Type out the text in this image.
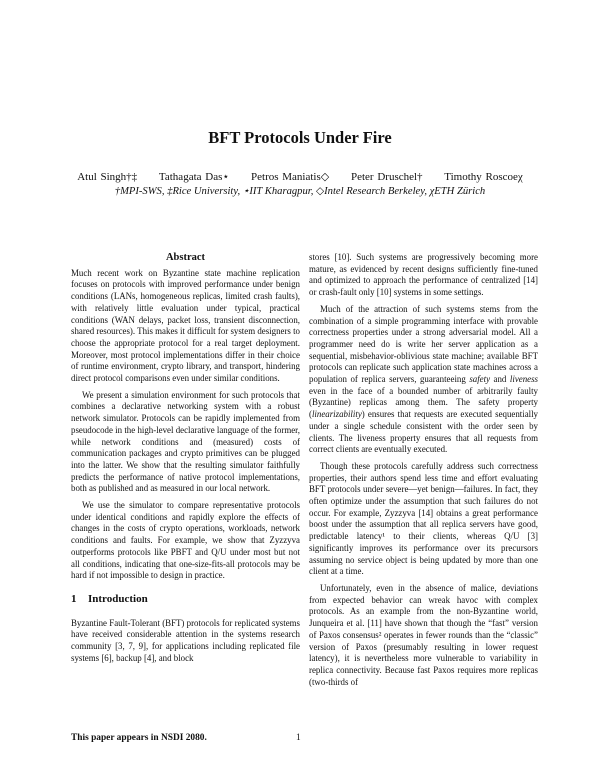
BFT Protocols Under Fire
Atul Singh†‡ Tathagata Das⋆ Petros Maniatis◇ Peter Druschel† Timothy Roscoeχ
†MPI-SWS, ‡Rice University, ⋆IIT Kharagpur, ◇Intel Research Berkeley, χETH Zürich
Abstract

Much recent work on Byzantine state machine replication focuses on protocols with improved performance under benign conditions (LANs, homogeneous replicas, limited crash faults), with relatively little evaluation under typical, practical conditions (WAN delays, packet loss, transient disconnection, shared resources). This makes it difficult for system designers to choose the appropriate protocol for a real target deployment. Moreover, most protocol implementations differ in their choice of runtime environment, crypto library, and transport, hindering direct protocol comparisons even under similar conditions.

We present a simulation environment for such protocols that combines a declarative networking system with a robust network simulator. Protocols can be rapidly implemented from pseudocode in the high-level declarative language of the former, while network conditions and (measured) costs of communication packages and crypto primitives can be plugged into the latter. We show that the resulting simulator faithfully predicts the performance of native protocol implementations, both as published and as measured in our local network.

We use the simulator to compare representative protocols under identical conditions and rapidly explore the effects of changes in the costs of crypto operations, workloads, network conditions and faults. For example, we show that Zyzzyva outperforms protocols like PBFT and Q/U under most but not all conditions, indicating that one-size-fits-all protocols may be hard if not impossible to design in practice.

1 Introduction

Byzantine Fault-Tolerant (BFT) protocols for replicated systems have received considerable attention in the systems research community [3, 7, 9], for applications including replicated file systems [6], backup [4], and block

stores [10]. Such systems are progressively becoming more mature, as evidenced by recent designs sufficiently fine-tuned and optimized to approach the performance of centralized [14] or crash-fault only [10] systems in some settings.

Much of the attraction of such systems stems from the combination of a simple programming interface with provable correctness properties under a strong adversarial model. All a programmer need do is write her server application as a sequential, misbehavior-oblivious state machine; available BFT protocols can replicate such application state machines across a population of replica servers, guaranteeing safety and liveness even in the face of a bounded number of arbitrarily faulty (Byzantine) replicas among them. The safety property (linearizability) ensures that requests are executed sequentially under a single schedule consistent with the order seen by clients. The liveness property ensures that all requests from correct clients are eventually executed.

Though these protocols carefully address such correctness properties, their authors spend less time and effort evaluating BFT protocols under severe—yet benign—failures. In fact, they often optimize under the assumption that such failures do not occur. For example, Zyzzyva [14] obtains a great performance boost under the assumption that all replica servers have good, predictable latency¹ to their clients, whereas Q/U [3] significantly improves its performance over its precursors assuming no service object is being updated by more than one client at a time.

Unfortunately, even in the absence of malice, deviations from expected behavior can wreak havoc with complex protocols. As an example from the non-Byzantine world, Junqueira et al. [11] have shown that though the “fast” version of Paxos consensus² operates in fewer rounds than the “classic” version of Paxos (presumably resulting in lower request latency), it is nevertheless more vulnerable to variability in replica connectivity. Because fast Paxos requires more replicas (two-thirds of

This paper appears in NSDI 2080.	1
